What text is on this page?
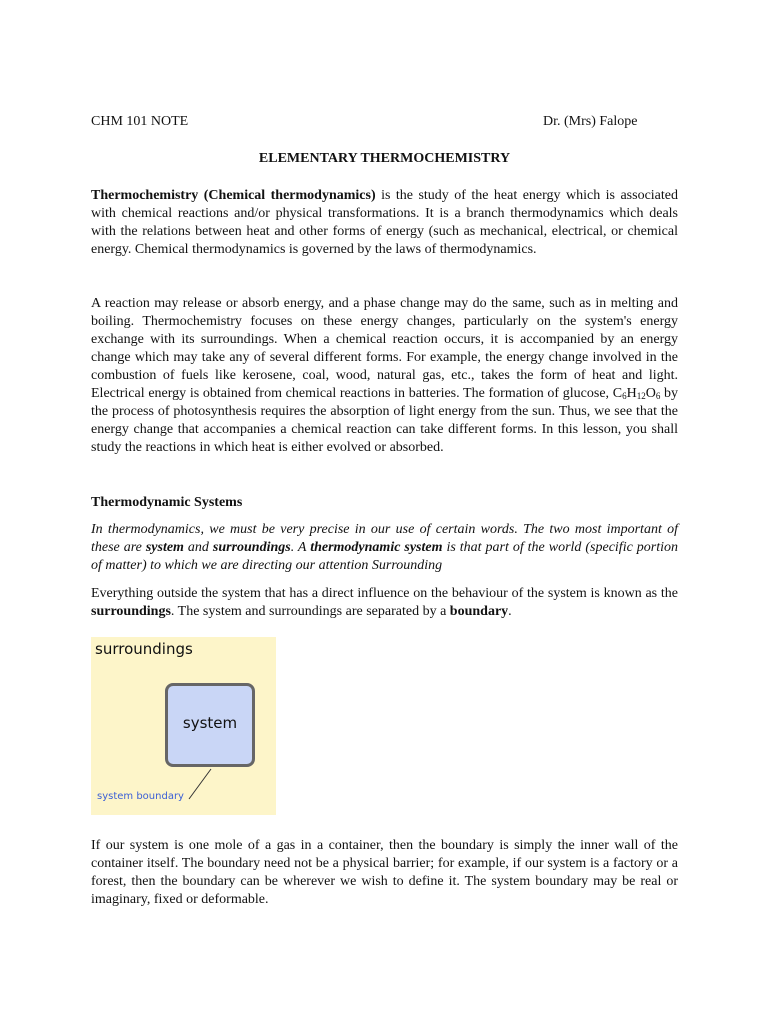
CHM 101 NOTE	Dr. (Mrs) Falope
ELEMENTARY THERMOCHEMISTRY

Thermochemistry (Chemical thermodynamics) is the study of the heat energy which is associated with chemical reactions and/or physical transformations. It is a branch thermodynamics which deals with the relations between heat and other forms of energy (such as mechanical, electrical, or chemical energy. Chemical thermodynamics is governed by the laws of thermodynamics.

A reaction may release or absorb energy, and a phase change may do the same, such as in melting and boiling. Thermochemistry focuses on these energy changes, particularly on the system's energy exchange with its surroundings. When a chemical reaction occurs, it is accompanied by an energy change which may take any of several different forms. For example, the energy change involved in the combustion of fuels like kerosene, coal, wood, natural gas, etc., takes the form of heat and light. Electrical energy is obtained from chemical reactions in batteries. The formation of glucose, $C_6H_{12}O_6$ by the process of photosynthesis requires the absorption of light energy from the sun. Thus, we see that the energy change that accompanies a chemical reaction can take different forms. In this lesson, you shall study the reactions in which heat is either evolved or absorbed.

Thermodynamic Systems

In thermodynamics, we must be very precise in our use of certain words. The two most important of these are system and surroundings. A thermodynamic system is that part of the world (specific portion of matter) to which we are directing our attention Surrounding

Everything outside the system that has a direct influence on the behaviour of the system is known as the surroundings. The system and surroundings are separated by a boundary.

surroundings
system
system boundary

If our system is one mole of a gas in a container, then the boundary is simply the inner wall of the container itself. The boundary need not be a physical barrier; for example, if our system is a factory or a forest, then the boundary can be wherever we wish to define it. The system boundary may be real or imaginary, fixed or deformable.
